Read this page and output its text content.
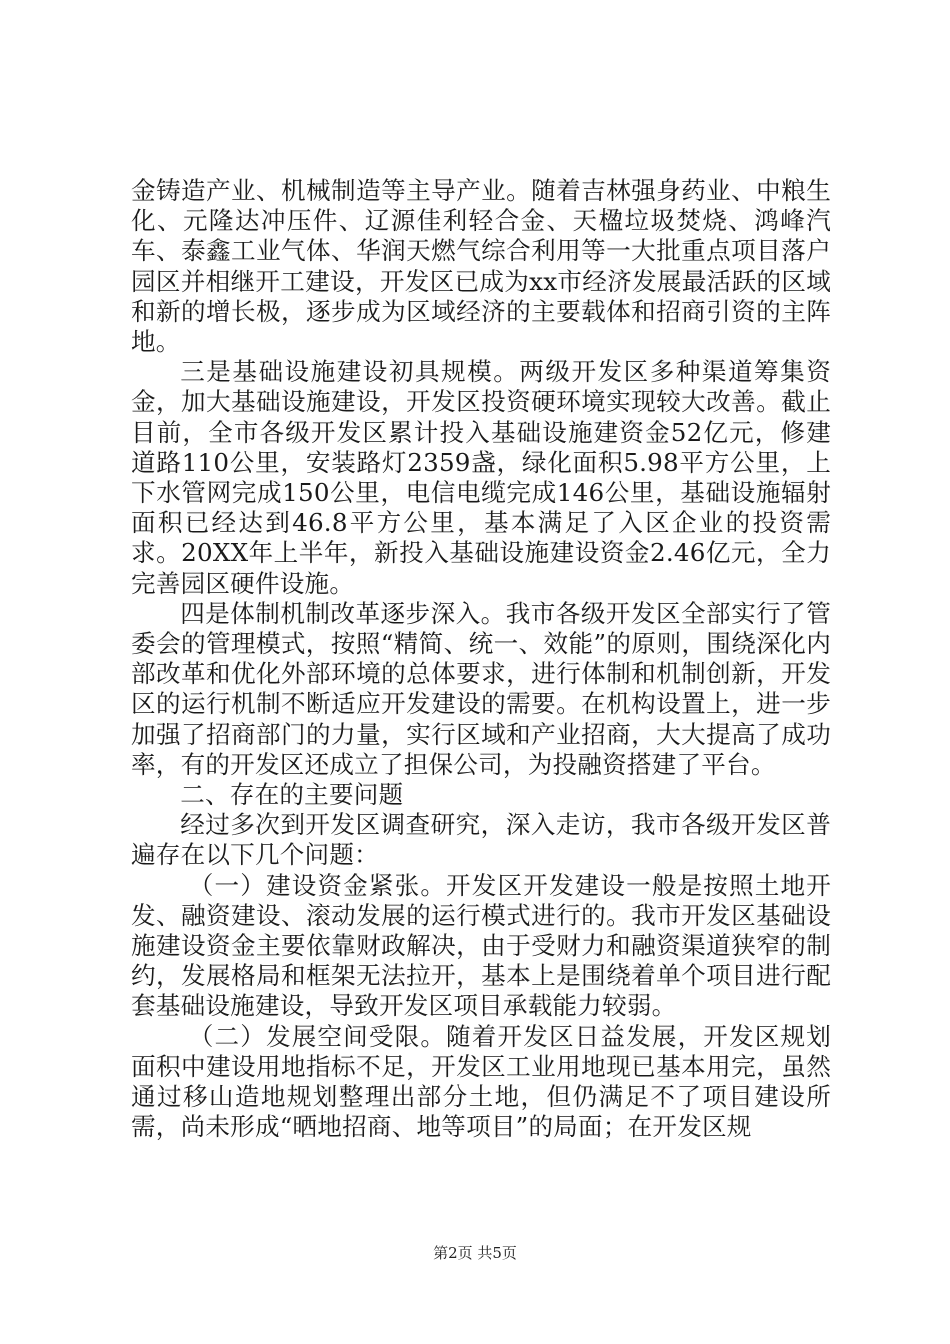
金铸造产业、机械制造等主导产业。随着吉林强身药业、中粮生化、元隆达冲压件、辽源佳利轻合金、天楹垃圾焚烧、鸿峰汽车、泰鑫工业气体、华润天燃气综合利用等一大批重点项目落户园区并相继开工建设，开发区已成为xx市经济发展最活跃的区域和新的增长极，逐步成为区域经济的主要载体和招商引资的主阵地。

三是基础设施建设初具规模。两级开发区多种渠道筹集资金，加大基础设施建设，开发区投资硬环境实现较大改善。截止目前，全市各级开发区累计投入基础设施建资金52亿元，修建道路110公里，安装路灯2359盏，绿化面积5.98平方公里，上下水管网完成150公里，电信电缆完成146公里，基础设施辐射面积已经达到46.8平方公里，基本满足了入区企业的投资需求。20XX年上半年，新投入基础设施建设资金2.46亿元，全力完善园区硬件设施。

四是体制机制改革逐步深入。我市各级开发区全部实行了管委会的管理模式，按照“精简、统一、效能”的原则，围绕深化内部改革和优化外部环境的总体要求，进行体制和机制创新，开发区的运行机制不断适应开发建设的需要。在机构设置上，进一步加强了招商部门的力量，实行区域和产业招商，大大提高了成功率，有的开发区还成立了担保公司，为投融资搭建了平台。

二、存在的主要问题

经过多次到开发区调查研究，深入走访，我市各级开发区普遍存在以下几个问题：

（一）建设资金紧张。开发区开发建设一般是按照土地开发、融资建设、滚动发展的运行模式进行的。我市开发区基础设施建设资金主要依靠财政解决，由于受财力和融资渠道狭窄的制约，发展格局和框架无法拉开，基本上是围绕着单个项目进行配套基础设施建设，导致开发区项目承载能力较弱。

（二）发展空间受限。随着开发区日益发展，开发区规划面积中建设用地指标不足，开发区工业用地现已基本用完，虽然通过移山造地规划整理出部分土地，但仍满足不了项目建设所需，尚未形成“晒地招商、地等项目”的局面；在开发区规

第2页 共5页
